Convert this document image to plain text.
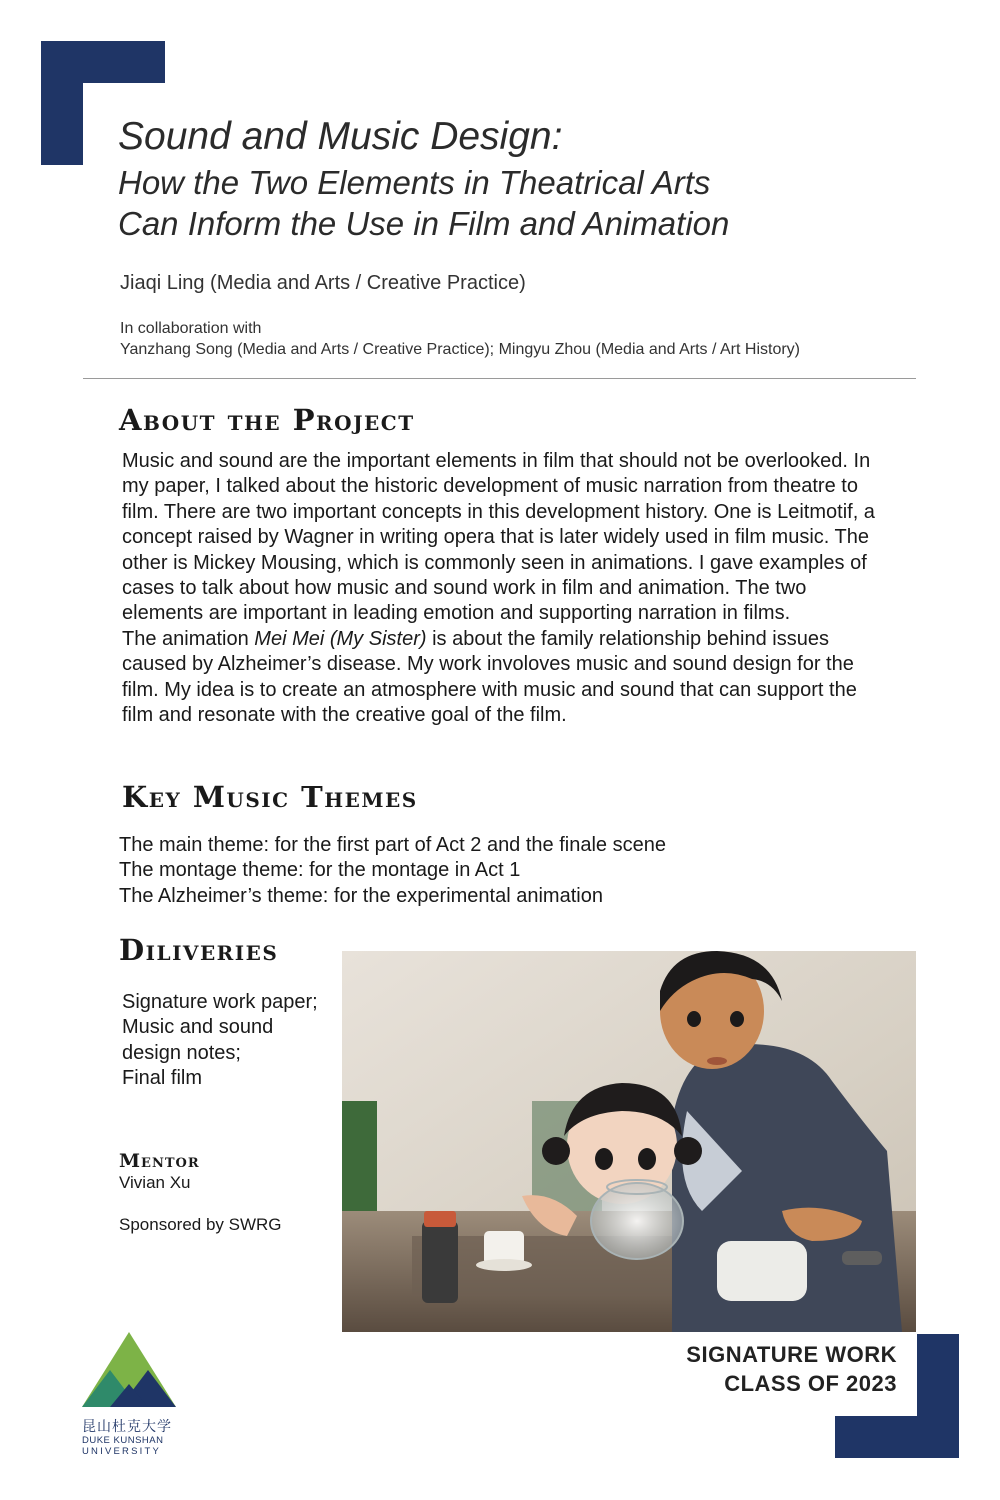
Sound and Music Design:
How the Two Elements in Theatrical Arts
Can Inform the Use in Film and Animation
Jiaqi Ling (Media and Arts / Creative Practice)
In collaboration with
Yanzhang Song (Media and Arts / Creative Practice); Mingyu Zhou (Media and Arts / Art History)
About the Project

Music and sound are the important elements in film that should not be overlooked. In my paper, I talked about the historic development of music narration from theatre to film. There are two important concepts in this development history. One is Leitmotif, a concept raised by Wagner in writing opera that is later widely used in film music. The other is Mickey Mousing, which is commonly seen in animations. I gave examples of cases to talk about how music and sound work in film and animation. The two elements are important in leading emotion and supporting narration in films.

The animation Mei Mei (My Sister) is about the family relationship behind issues caused by Alzheimer’s disease. My work involoves music and sound design for the film. My idea is to create an atmosphere with music and sound that can support the film and resonate with the creative goal of the film.

Key Music Themes
The main theme: for the first part of Act 2 and the finale scene
The montage theme: for the montage in Act 1
The Alzheimer’s theme: for the experimental animation
Diliveries
Signature work paper;
Music and sound design notes;
Final film
Mentor
Vivian Xu
Sponsored by SWRG
SIGNATURE WORK
CLASS OF 2023
昆山杜克大学
DUKE KUNSHAN
UNIVERSITY
